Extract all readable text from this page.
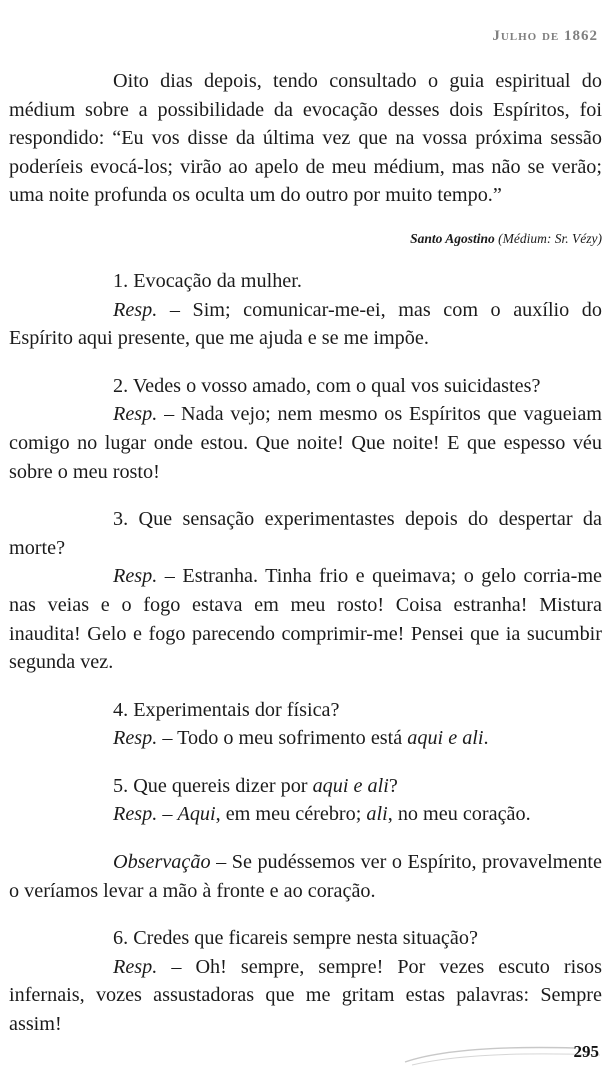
Julho de 1862

Oito dias depois, tendo consultado o guia espiritual do médium sobre a possibilidade da evocação desses dois Espíritos, foi respondido: “Eu vos disse da última vez que na vossa próxima sessão poderíeis evocá-los; virão ao apelo de meu médium, mas não se verão; uma noite profunda os oculta um do outro por muito tempo.”

Santo Agostino (Médium: Sr. Vézy)

1. Evocação da mulher.

Resp. – Sim; comunicar-me-ei, mas com o auxílio do Espírito aqui presente, que me ajuda e se me impõe.

2. Vedes o vosso amado, com o qual vos suicidastes?

Resp. – Nada vejo; nem mesmo os Espíritos que vagueiam comigo no lugar onde estou. Que noite! Que noite! E que espesso véu sobre o meu rosto!

3. Que sensação experimentastes depois do despertar da morte?

Resp. – Estranha. Tinha frio e queimava; o gelo corria-me nas veias e o fogo estava em meu rosto! Coisa estranha! Mistura inaudita! Gelo e fogo parecendo comprimir-me! Pensei que ia sucumbir segunda vez.

4. Experimentais dor física?

Resp. – Todo o meu sofrimento está aqui e ali.

5. Que quereis dizer por aqui e ali?

Resp. – Aqui, em meu cérebro; ali, no meu coração.

Observação – Se pudéssemos ver o Espírito, provavelmente o veríamos levar a mão à fronte e ao coração.

6. Credes que ficareis sempre nesta situação?

Resp. – Oh! sempre, sempre! Por vezes escuto risos infernais, vozes assustadoras que me gritam estas palavras: Sempre assim!

295
